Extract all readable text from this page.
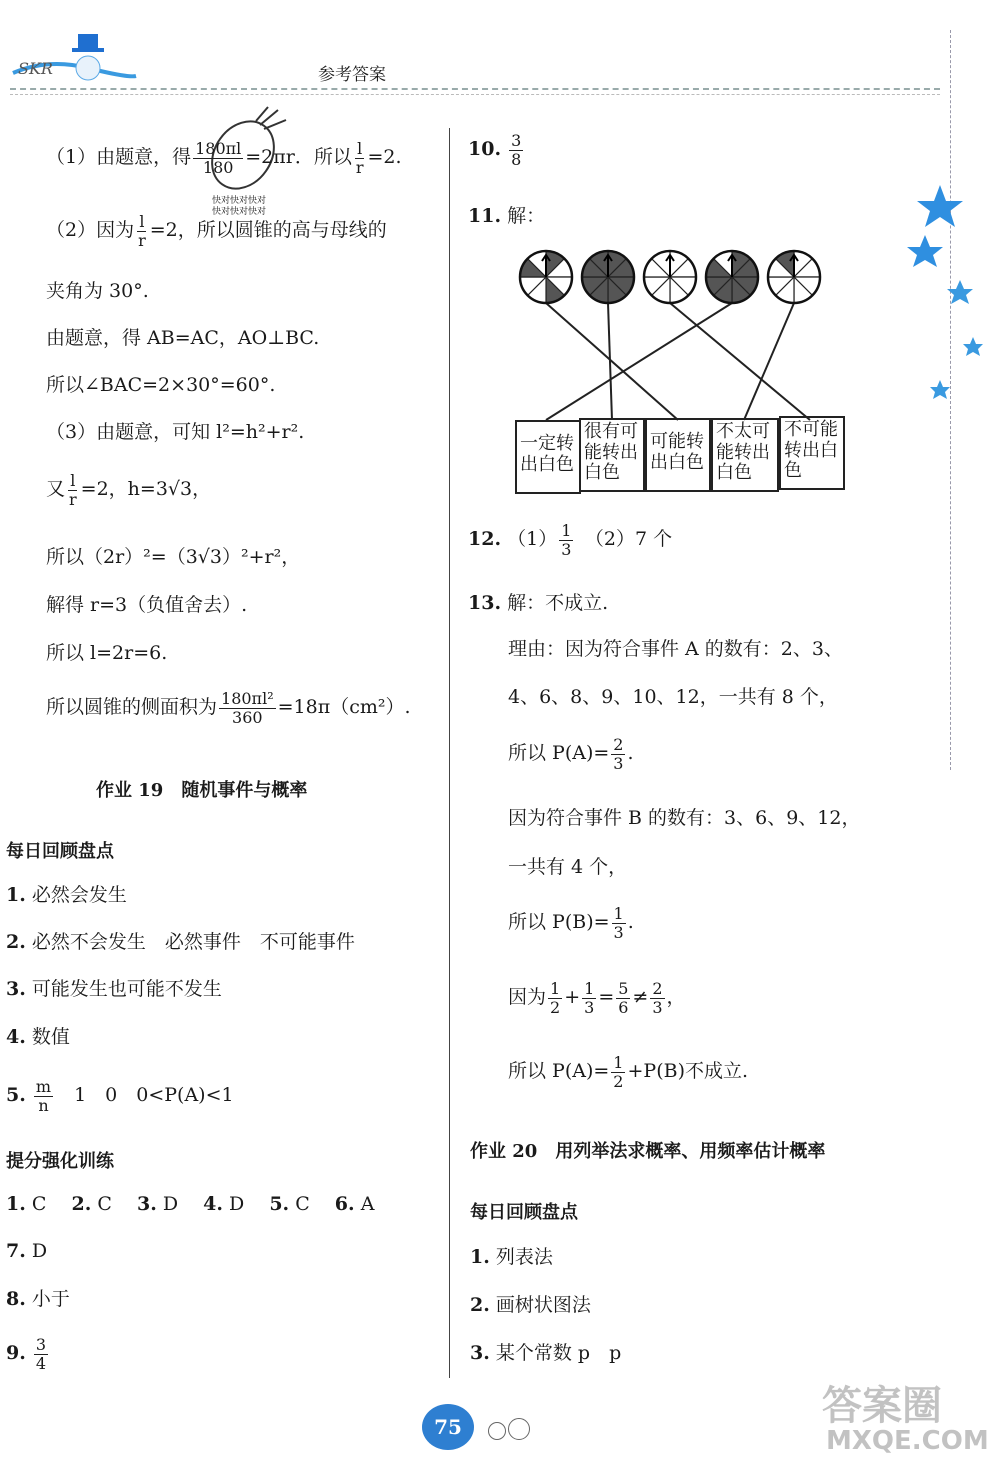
SKR	参考答案
快对快对快对
快对快对快对
（1）由题意，得 $\frac{180\pi l}{180} =2\pi r$．所以 $\frac{l}{r} =2$.
（2）因为 $\frac{l}{r} =2$，所以圆锥的高与母线的
夹角为 30°.
由题意，得 AB=AC，AO⊥BC.
所以∠BAC=2×30°=60°.
（3）由题意，可知 l²=h²+r².
又 $\frac{l}{r} =2$，h=3√3，
所以（2r）²=（3√3）²+r²，
解得 r=3（负值舍去）.
所以 l=2r=6.
所以圆锥的侧面积为 $\frac{\text{180πl²}}{360} =18\pi(cm^2)$.
作业 19　随机事件与概率
每日回顾盘点
1. 必然会发生
2. 必然不会发生　必然事件　不可能事件
3. 可能发生也可能不发生
4. 数值
5. $\frac{m}{n}$ 　1　0　0<P(A)<1
提分强化训练
1. C　 2. C　 3. D　 4. D　 5. C　 6. A
7. D
8. 小于
9. $\frac{3}{4}$
10. $\frac{3}{8}$
11. 解：
一定转出白色
很有可能转出白色
可能转出白色
不太可能转出白色
不可能转出白色
12. $(1) \frac{1}{3}$ 　（2）7 个
13. 解：不成立.
理由：因为符合事件 A 的数有：2、3、
4、6、8、9、10、12，一共有 8 个，
所以 $P(A)= \frac{2}{3}$ .
因为符合事件 B 的数有：3、6、9、12，
一共有 4 个，
所以 $P(B)= \frac{1}{3}$ .
因为 $\frac{1}{2} + \frac{1}{3} = \frac{5}{6} \ne \frac{2}{3}$ ，
所以 $P(A)= \frac{1}{2} +P(B)$不成立.
作业 20　用列举法求概率、用频率估计概率
每日回顾盘点
1. 列表法
2. 画树状图法
3. 某个常数 p　p
75	答案圈
MXQE.COM
